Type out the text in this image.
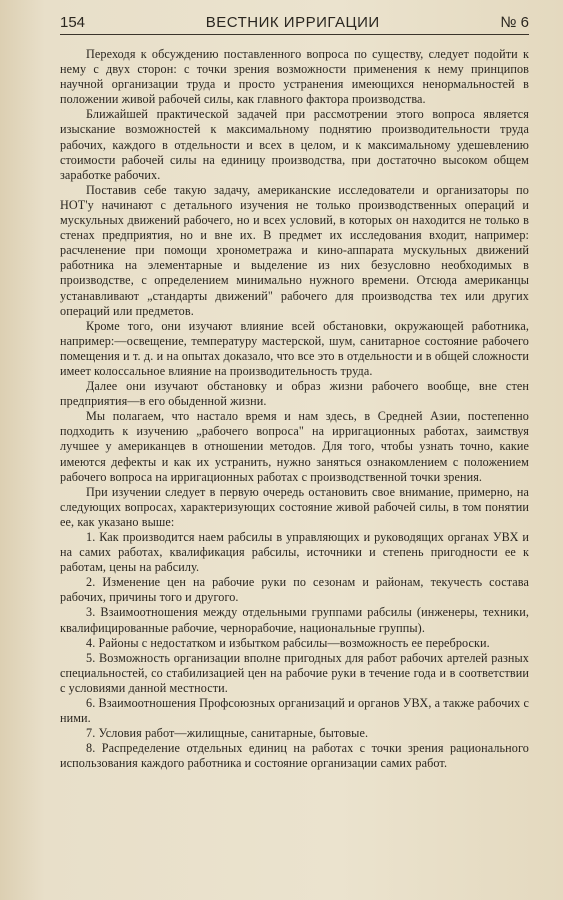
154	ВЕСТНИК ИРРИГАЦИИ	№ 6

Переходя к обсуждению поставленного вопроса по существу, следует подойти к нему с двух сторон: с точки зрения возможности применения к нему принципов научной организации труда и просто устранения имеющихся ненормальностей в положении живой рабочей силы, как главного фактора производства.

Ближайшей практической задачей при рассмотрении этого вопроса является изыскание возможностей к максимальному поднятию производительности труда рабочих, каждого в отдельности и всех в целом, и к максимальному удешевлению стоимости рабочей силы на единицу производства, при достаточно высоком общем заработке рабочих.

Поставив себе такую задачу, американские исследователи и организаторы по НОТ'у начинают с детального изучения не только производственных операций и мускульных движений рабочего, но и всех условий, в которых он находится не только в стенах предприятия, но и вне их. В предмет их исследования входит, например: расчленение при помощи хронометража и кино-аппарата мускульных движений работника на элементарные и выделение из них безусловно необходимых в производстве, с определением минимально нужного времени. Отсюда американцы устанавливают „стандарты движений" рабочего для производства тех или других операций или предметов.

Кроме того, они изучают влияние всей обстановки, окружающей работника, например:—освещение, температуру мастерской, шум, санитарное состояние рабочего помещения и т. д. и на опытах доказало, что все это в отдельности и в общей сложности имеет колоссальное влияние на производительность труда.

Далее они изучают обстановку и образ жизни рабочего вообще, вне стен предприятия—в его обыденной жизни.

Мы полагаем, что настало время и нам здесь, в Средней Азии, постепенно подходить к изучению „рабочего вопроса" на ирригационных работах, заимствуя лучшее у американцев в отношении методов. Для того, чтобы узнать точно, какие имеются дефекты и как их устранить, нужно заняться ознакомлением с положением рабочего вопроса на ирригационных работах с производственной точки зрения.

При изучении следует в первую очередь остановить свое внимание, примерно, на следующих вопросах, характеризующих состояние живой рабочей силы, в том понятии ее, как указано выше:

1. Как производится наем рабсилы в управляющих и руководящих органах УВХ и на самих работах, квалификация рабсилы, источники и степень пригодности ее к работам, цены на рабсилу.

2. Изменение цен на рабочие руки по сезонам и районам, текучесть состава рабочих, причины того и другого.

3. Взаимоотношения между отдельными группами рабсилы (инженеры, техники, квалифицированные рабочие, чернорабочие, национальные группы).

4. Районы с недостатком и избытком рабсилы—возможность ее переброски.

5. Возможность организации вполне пригодных для работ рабочих артелей разных специальностей, со стабилизацией цен на рабочие руки в течение года и в соответствии с условиями данной местности.

6. Взаимоотношения Профсоюзных организаций и органов УВХ, а также рабочих с ними.

7. Условия работ—жилищные, санитарные, бытовые.

8. Распределение отдельных единиц на работах с точки зрения рационального использования каждого работника и состояние организации самих работ.
